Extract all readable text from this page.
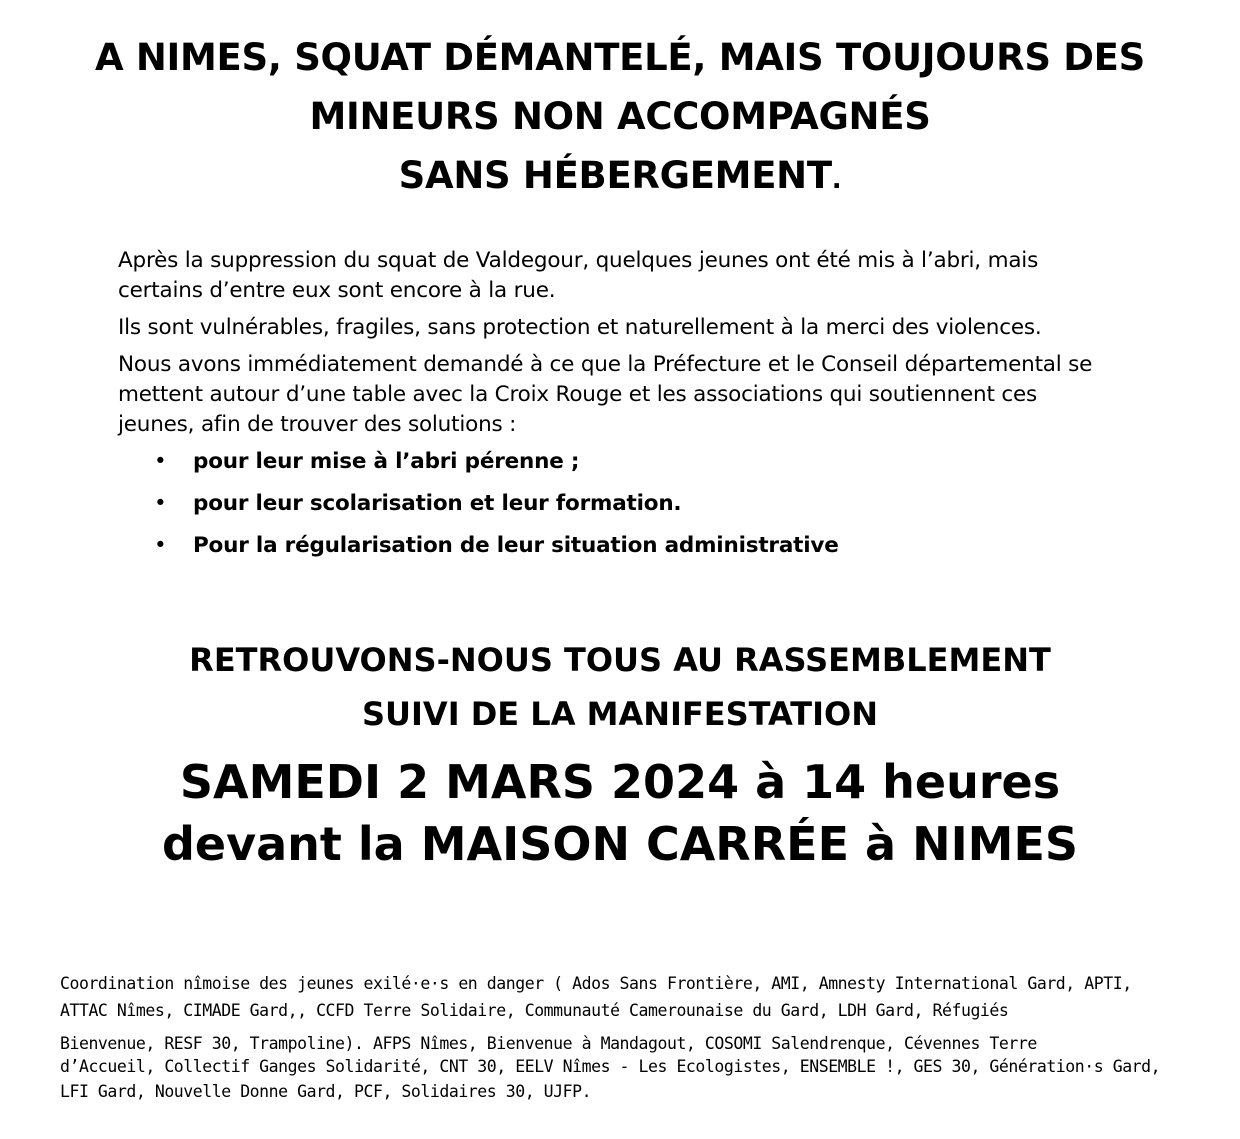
A NIMES, SQUAT DÉMANTELÉ, MAIS TOUJOURS DES
MINEURS NON ACCOMPAGNÉS
SANS HÉBERGEMENT.

Après la suppression du squat de Valdegour, quelques jeunes ont été mis à l’abri, mais certains d’entre eux sont encore à la rue.

Ils sont vulnérables, fragiles, sans protection et naturellement à la merci des violences.

Nous avons immédiatement demandé à ce que la Préfecture et le Conseil départemental se mettent autour d’une table avec la Croix Rouge et les associations qui soutiennent ces jeunes, afin de trouver des solutions :

• pour leur mise à l’abri pérenne ;
• pour leur scolarisation et leur formation.
• Pour la régularisation de leur situation administrative
RETROUVONS-NOUS TOUS AU RASSEMBLEMENT
SUIVI DE LA MANIFESTATION
SAMEDI 2 MARS 2024 à 14 heures
devant la MAISON CARRÉE à NIMES
Coordination nîmoise des jeunes exilé·e·s en danger ( Ados Sans Frontière, AMI, Amnesty International Gard, APTI,
ATTAC Nîmes, CIMADE Gard,, CCFD Terre Solidaire, Communauté Camerounaise du Gard, LDH Gard, Réfugiés
Bienvenue, RESF 30, Trampoline). AFPS Nîmes, Bienvenue à Mandagout, COSOMI Salendrenque, Cévennes Terre
d’Accueil, Collectif Ganges Solidarité, CNT 30, EELV Nîmes - Les Ecologistes, ENSEMBLE !, GES 30, Génération·s Gard,
LFI Gard, Nouvelle Donne Gard, PCF, Solidaires 30, UJFP.
